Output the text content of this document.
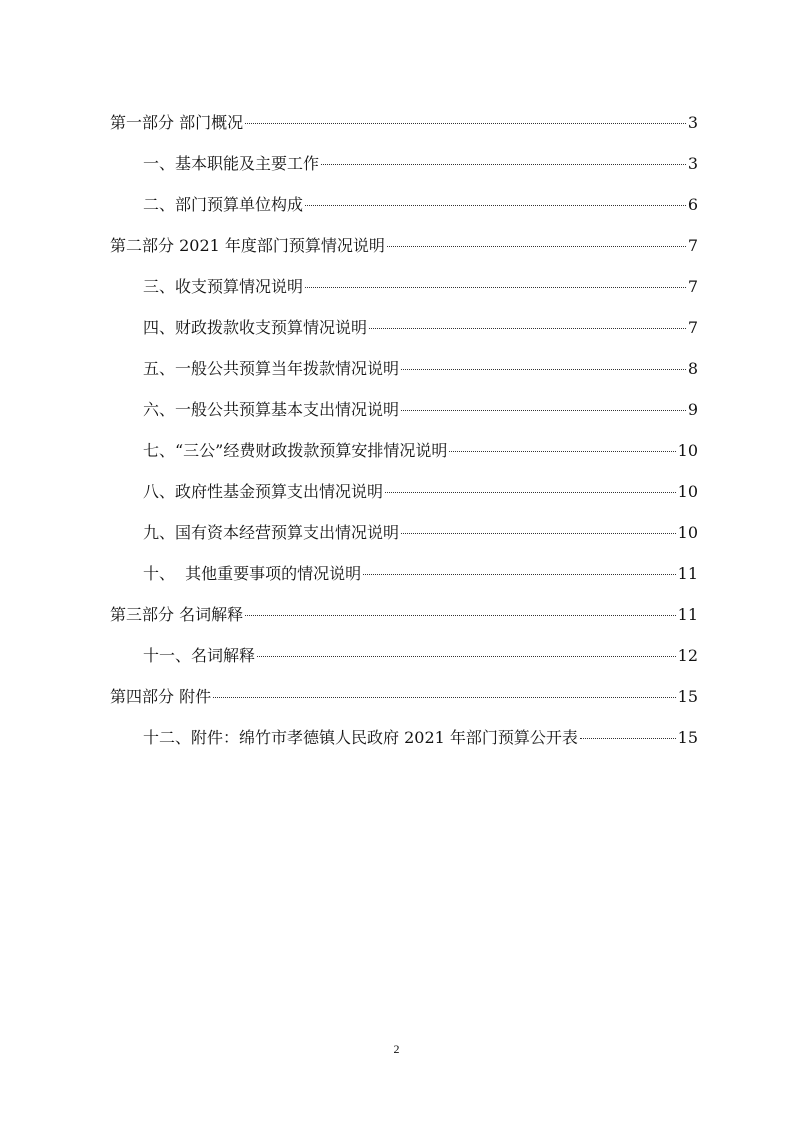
第一部分 部门概况	3
一、基本职能及主要工作	3
二、部门预算单位构成	6
第二部分 2021 年度部门预算情况说明	7
三、收支预算情况说明	7
四、财政拨款收支预算情况说明	7
五、一般公共预算当年拨款情况说明	8
六、一般公共预算基本支出情况说明	9
七、“三公”经费财政拨款预算安排情况说明	10
八、政府性基金预算支出情况说明	10
九、国有资本经营预算支出情况说明	10
十、  其他重要事项的情况说明	11
第三部分 名词解释	11
十一、名词解释	12
第四部分 附件	15
十二、附件：绵竹市孝德镇人民政府 2021 年部门预算公开表	15
2
